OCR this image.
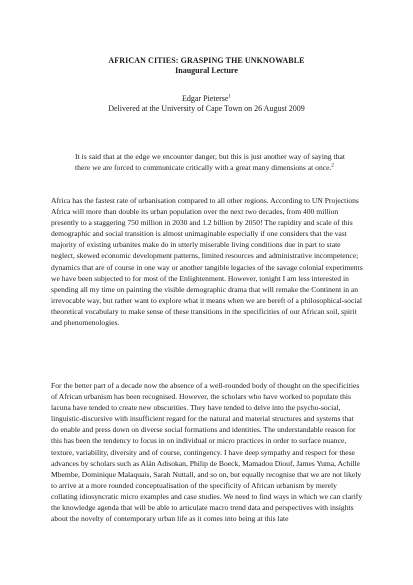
AFRICAN CITIES: GRASPING THE UNKNOWABLE
Inaugural Lecture
Edgar Pieterse$^1$
Delivered at the University of Cape Town on 26 August 2009
It is said that at the edge we encounter danger, but this is just another way of saying that there we are forced to communicate critically with a great many dimensions at once.$^2$
Africa has the fastest rate of urbanisation compared to all other regions. According to UN Projections Africa will more than double its urban population over the next two decades, from 400 million presently to a staggering 750 million in 2030 and 1.2 billion by 2050! The rapidity and scale of this demographic and social transition is almost unimaginable especially if one considers that the vast majority of existing urbanites make do in utterly miserable living conditions due in part to state neglect, skewed economic development patterns, limited resources and administrative incompetence; dynamics that are of course in one way or another tangible legacies of the savage colonial experiments we have been subjected to for most of the Enlightenment. However, tonight I am less interested in spending all my time on painting the visible demographic drama that will remake the Continent in an irrevocable way, but rather want to explore what it means when we are bereft of a philosophical-social theoretical vocabulary to make sense of these transitions in the specificities of our African soil, spirit and phenomenologies.
For the better part of a decade now the absence of a well-rounded body of thought on the specificities of African urbanism has been recognised. However, the scholars who have worked to populate this lacuna have tended to create new obscurities. They have tended to delve into the psycho-social, linguistic-discursive with insufficient regard for the natural and material structures and systems that do enable and press down on diverse social formations and identities. The understandable reason for this has been the tendency to focus in on individual or micro practices in order to surface nuance, texture, variability, diversity and of course, contingency. I have deep sympathy and respect for these advances by scholars such as Alán Adisokan, Philip de Boeck, Mamadou Diouf, James Yuma, Achille Mbembe, Dominique Malaquais, Sarah Nuttall, and so on, but equally recognise that we are not likely to arrive at a more rounded conceptualisation of the specificity of African urbanism by merely collating idiosyncratic micro examples and case studies. We need to find ways in which we can clarify the knowledge agenda that will be able to articulate macro trend data and perspectives with insights about the novelty of contemporary urban life as it comes into being at this late
